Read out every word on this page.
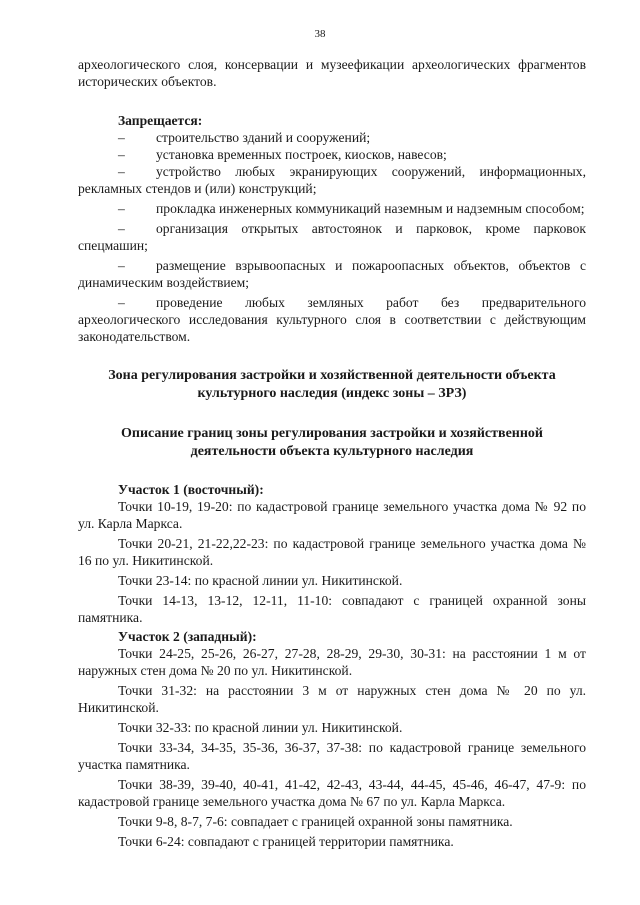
38

археологического слоя, консервации и музеефикации археологических фрагментов исторических объектов.

Запрещается:

– строительство зданий и сооружений;
– установка временных построек, киосков, навесов;
– устройство любых экранирующих сооружений, информационных, рекламных стендов и (или) конструкций;
– прокладка инженерных коммуникаций наземным и надземным способом;
– организация открытых автостоянок и парковок, кроме парковок спецмашин;
– размещение взрывоопасных и пожароопасных объектов, объектов с динамическим воздействием;
– проведение любых земляных работ без предварительного археологического исследования культурного слоя в соответствии с действующим законодательством.

Зона регулирования застройки и хозяйственной деятельности объекта культурного наследия (индекс зоны – ЗРЗ)

Описание границ зоны регулирования застройки и хозяйственной деятельности объекта культурного наследия

Участок 1 (восточный):

Точки 10-19, 19-20: по кадастровой границе земельного участка дома № 92 по ул. Карла Маркса.

Точки 20-21, 21-22,22-23: по кадастровой границе земельного участка дома № 16 по ул. Никитинской.

Точки 23-14: по красной линии ул. Никитинской.

Точки 14-13, 13-12, 12-11, 11-10: совпадают с границей охранной зоны памятника.

Участок 2 (западный):

Точки 24-25, 25-26, 26-27, 27-28, 28-29, 29-30, 30-31: на расстоянии 1 м от наружных стен дома № 20 по ул. Никитинской.

Точки 31-32: на расстоянии 3 м от наружных стен дома № 20 по ул. Никитинской.

Точки 32-33: по красной линии ул. Никитинской.

Точки 33-34, 34-35, 35-36, 36-37, 37-38: по кадастровой границе земельного участка памятника.

Точки 38-39, 39-40, 40-41, 41-42, 42-43, 43-44, 44-45, 45-46, 46-47, 47-9: по кадастровой границе земельного участка дома № 67 по ул. Карла Маркса.

Точки 9-8, 8-7, 7-6: совпадает с границей охранной зоны памятника.

Точки 6-24: совпадают с границей территории памятника.
